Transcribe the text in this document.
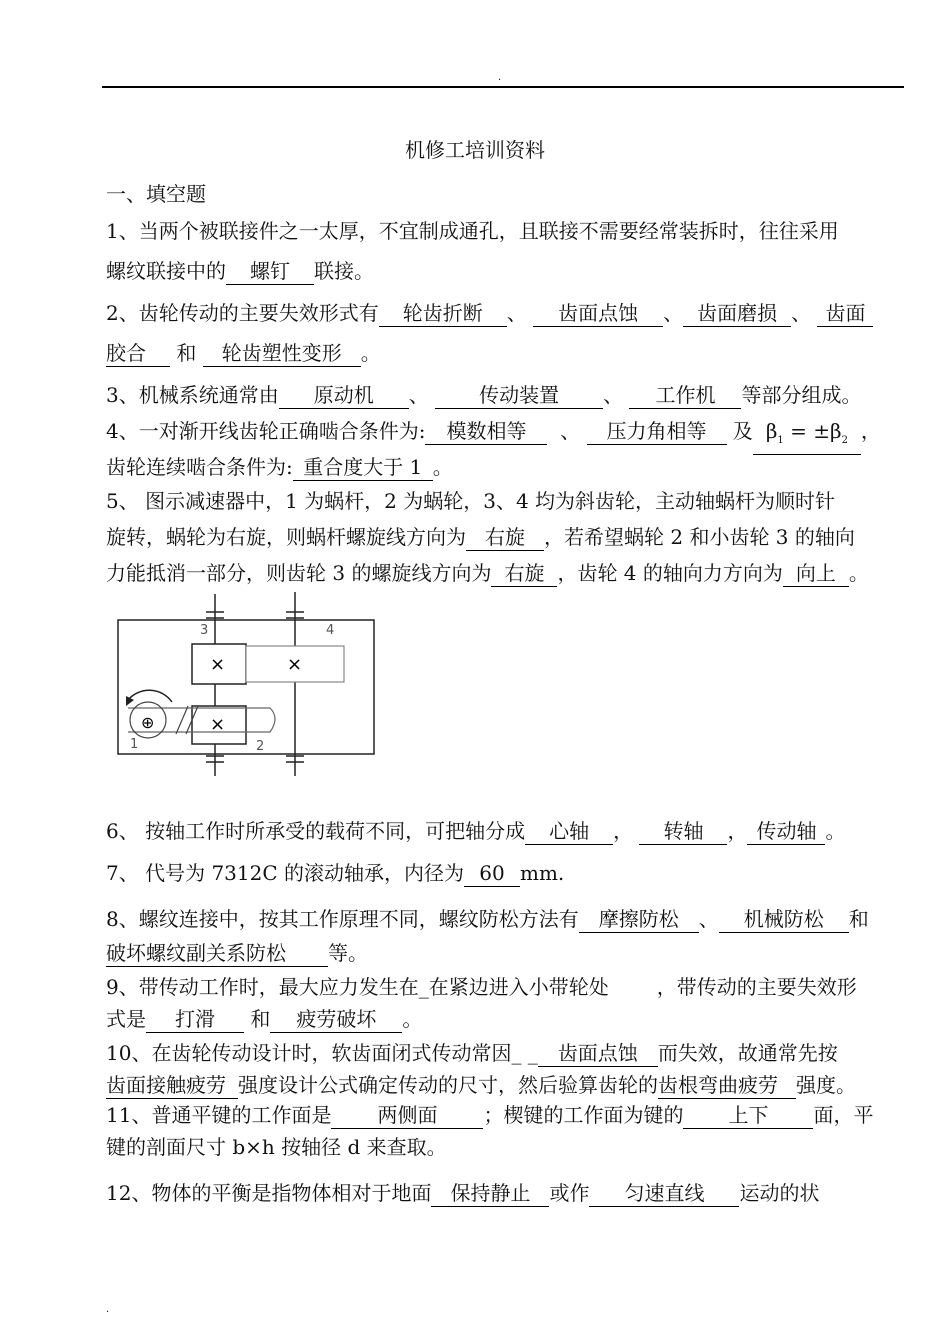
.
机修工培训资料
一、填空题
1、当两个被联接件之一太厚，不宜制成通孔，且联接不需要经常装拆时，往往采用
螺纹联接中的 螺钉 联接。
2、齿轮传动的主要失效形式有 轮齿折断 、 齿面点蚀 、 齿面磨损 、 齿面
胶合 和 轮齿塑性变形 。
3、机械系统通常由 原动机 、	传动装置 、 工作机 等部分组成。
4、一对渐开线齿轮正确啮合条件为: 模数相等 、 压力角相等 及 $\beta_1 = \pm\beta_2$ ，
齿轮连续啮合条件为: 重合度大于 1 。
5、 图示减速器中，1 为蜗杆，2 为蜗轮，3、4 均为斜齿轮，主动轴蜗杆为顺时针
旋转，蜗轮为右旋，则蜗杆螺旋线方向为 右旋 ，若希望蜗轮 2 和小齿轮 3 的轴向
力能抵消一部分，则齿轮 3 的螺旋线方向为 右旋 ，齿轮 4 的轴向力方向为 向上 。
×	×
×
⊕
3	4
1	2
6、 按轴工作时所承受的载荷不同，可把轴分成 心轴 ， 转轴 ， 传动轴 。
7、 代号为 7312C 的滚动轴承，内径为 60 mm.
8、螺纹连接中，按其工作原理不同，螺纹防松方法有 摩擦防松 、 机械防松 和
破坏螺纹副关系防松 等。
9、带传动工作时，最大应力发生在_在紧边进入小带轮处 ，带传动的主要失效形
式是 打滑 和 疲劳破坏 。
10、在齿轮传动设计时，软齿面闭式传动常因_ _ 齿面点蚀 而失效，故通常先按
齿面接触疲劳 强度设计公式确定传动的尺寸，然后验算齿轮的齿根弯曲疲劳 强度。
11、普通平键的工作面是 两侧面 ；楔键的工作面为键的 上下 面，平
键的剖面尺寸 b×h 按轴径 d 来查取。
12、物体的平衡是指物体相对于地面 保持静止 或作 匀速直线 运动的状
.
